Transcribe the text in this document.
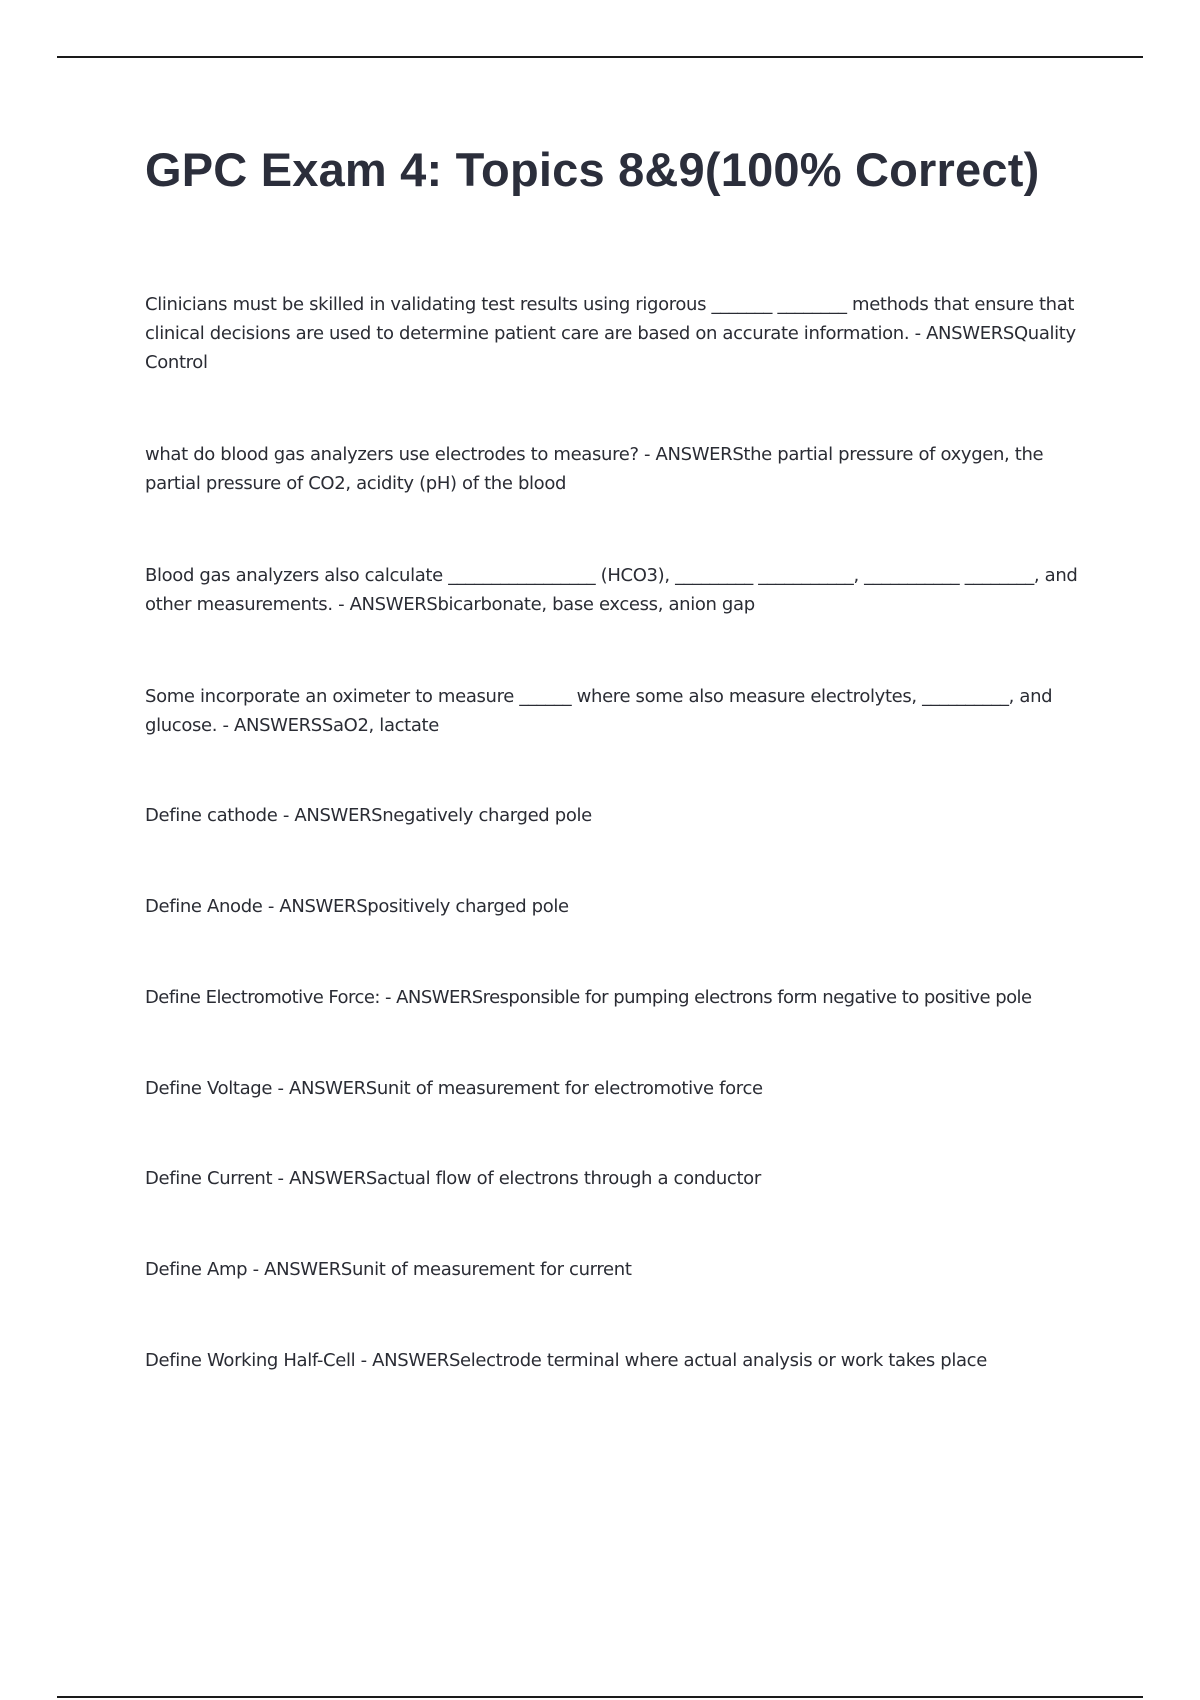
GPC Exam 4: Topics 8&9(100% Correct)

Clinicians must be skilled in validating test results using rigorous _______ ________ methods that ensure that clinical decisions are used to determine patient care are based on accurate information. - ANSWERSQuality Control

what do blood gas analyzers use electrodes to measure? - ANSWERSthe partial pressure of oxygen, the partial pressure of CO2, acidity (pH) of the blood

Blood gas analyzers also calculate _________________ (HCO3), _________ ___________, ___________ ________, and other measurements. - ANSWERSbicarbonate, base excess, anion gap

Some incorporate an oximeter to measure ______ where some also measure electrolytes, __________, and glucose. - ANSWERSSaO2, lactate

Define cathode - ANSWERSnegatively charged pole

Define Anode - ANSWERSpositively charged pole

Define Electromotive Force: - ANSWERSresponsible for pumping electrons form negative to positive pole

Define Voltage - ANSWERSunit of measurement for electromotive force

Define Current - ANSWERSactual flow of electrons through a conductor

Define Amp - ANSWERSunit of measurement for current

Define Working Half-Cell - ANSWERSelectrode terminal where actual analysis or work takes place
